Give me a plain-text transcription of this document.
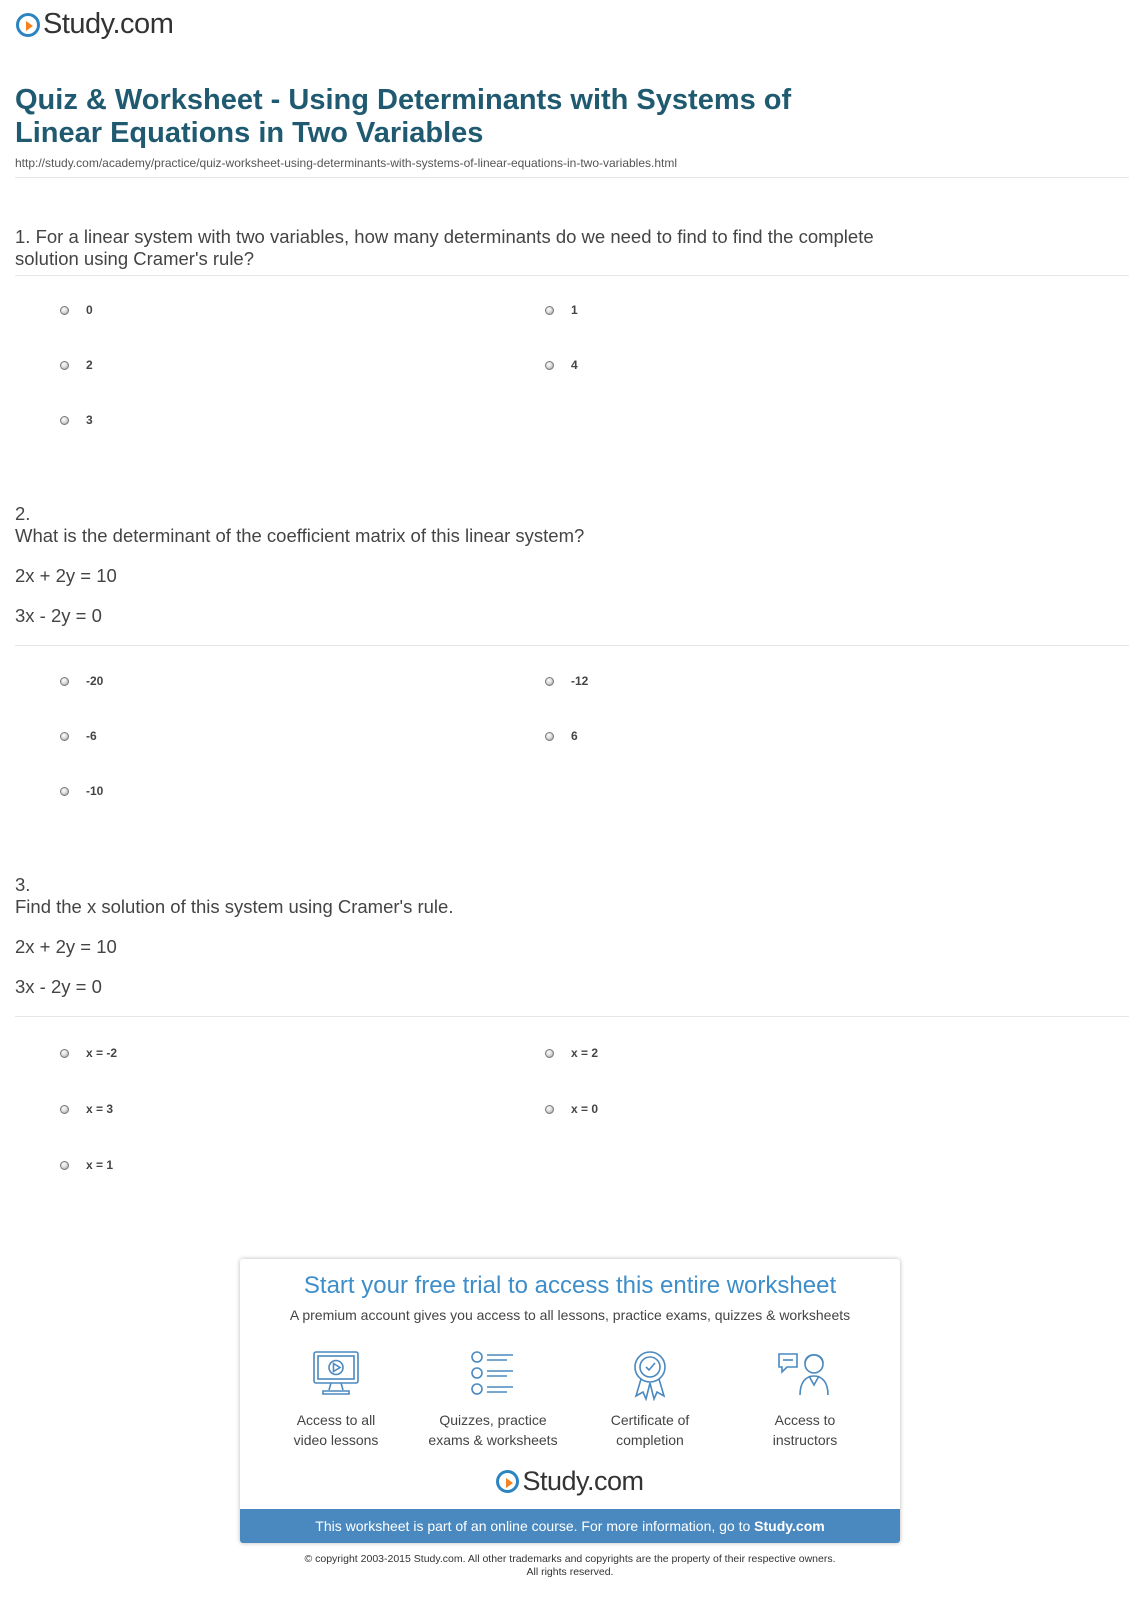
Study.com
Quiz & Worksheet - Using Determinants with Systems of Linear Equations in Two Variables
http://study.com/academy/practice/quiz-worksheet-using-determinants-with-systems-of-linear-equations-in-two-variables.html
1. For a linear system with two variables, how many determinants do we need to find to find the complete solution using Cramer's rule?
0	1
2	4
3
2.
What is the determinant of the coefficient matrix of this linear system?
2x + 2y = 10
3x - 2y = 0
-20	-12
-6	6
-10
3.
Find the x solution of this system using Cramer's rule.
2x + 2y = 10
3x - 2y = 0
x = -2	x = 2
x = 3	x = 0
x = 1
Start your free trial to access this entire worksheet
A premium account gives you access to all lessons, practice exams, quizzes & worksheets
Access to all
video lessons
Quizzes, practice
exams & worksheets
Certificate of
completion
Access to
instructors
Study.com
This worksheet is part of an online course. For more information, go to Study.com
© copyright 2003-2015 Study.com. All other trademarks and copyrights are the property of their respective owners.
All rights reserved.
